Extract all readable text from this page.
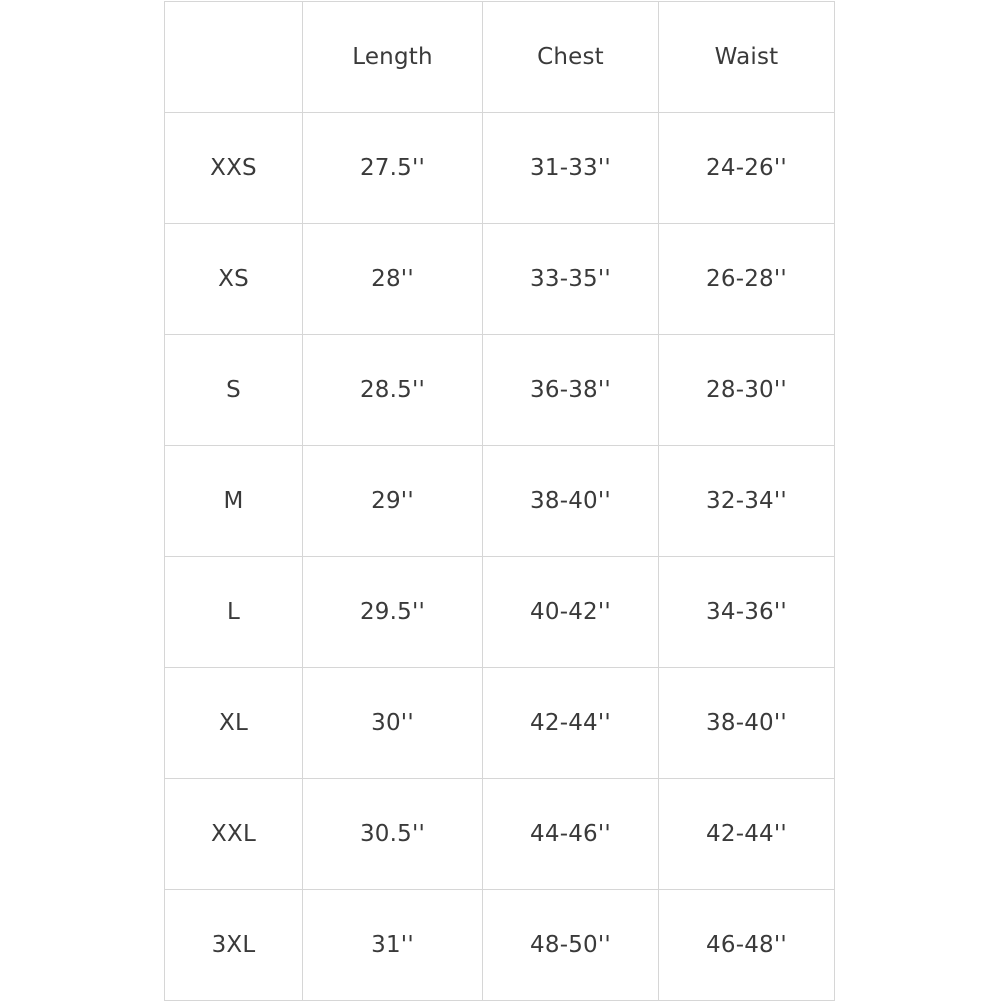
	Length	Chest	Waist
XXS	27.5''	31-33''	24-26''
XS	28''	33-35''	26-28''
S	28.5''	36-38''	28-30''
M	29''	38-40''	32-34''
L	29.5''	40-42''	34-36''
XL	30''	42-44''	38-40''
XXL	30.5''	44-46''	42-44''
3XL	31''	48-50''	46-48''
